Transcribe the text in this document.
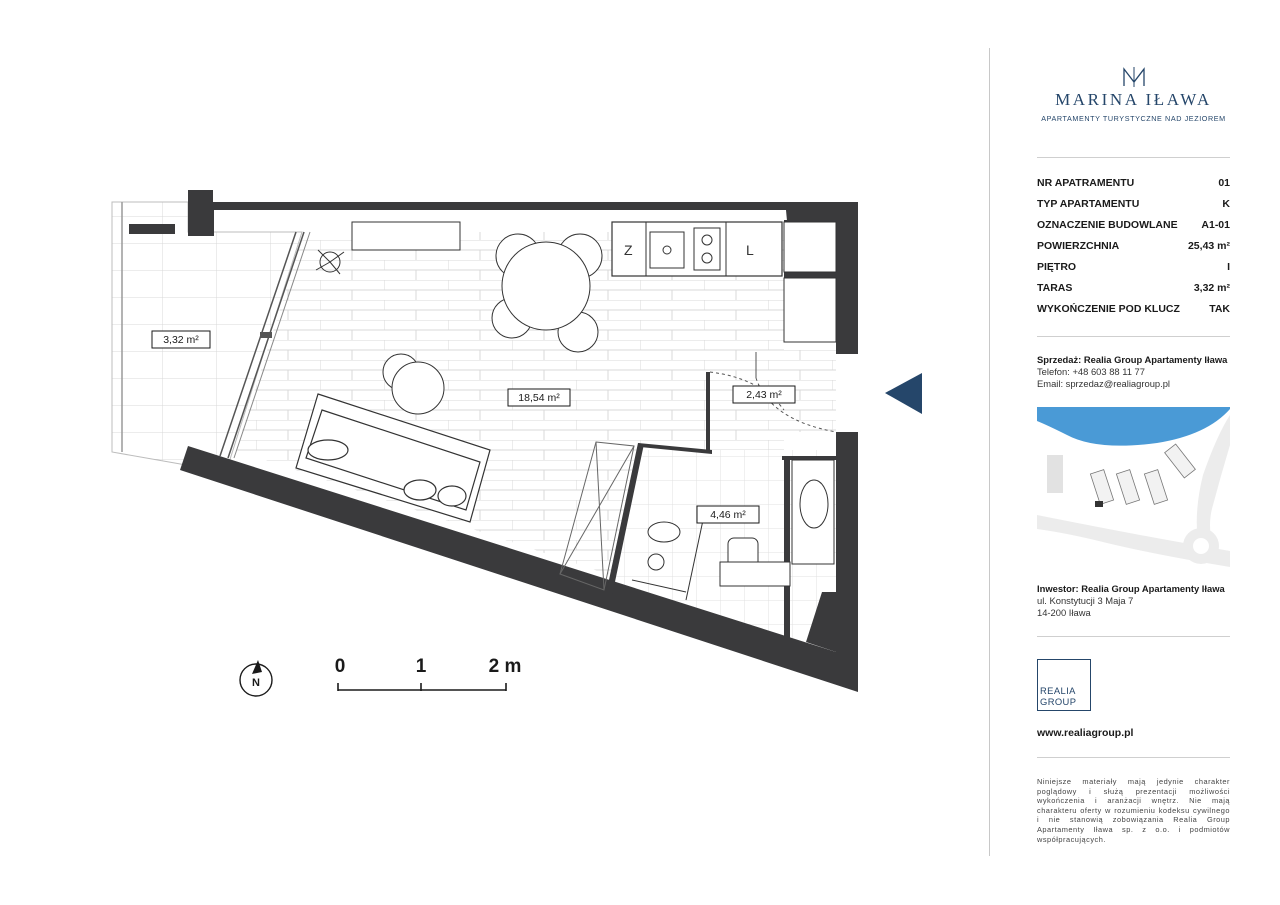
Z	L
3,32 m²
18,54 m²	2,43 m²
4,46 m²
N
0	1	2 m
MARINA IŁAWA
APARTAMENTY TURYSTYCZNE NAD JEZIOREM
NR APATRAMENTU	01
TYP APARTAMENTU	K
OZNACZENIE BUDOWLANE A1-01
POWIERZCHNIA	25,43 m²
PIĘTRO	I
TARAS	3,32 m²
WYKOŃCZENIE POD KLUCZ	TAK
Sprzedaż: Realia Group Apartamenty Iława
Telefon: +48 603 88 11 77
Email: sprzedaz@realiagroup.pl
Inwestor: Realia Group Apartamenty Iława
ul. Konstytucji 3 Maja 7
14-200 Iława
REALIA
GROUP
www.realiagroup.pl
Niniejsze materiały mają jedynie charakter poglądowy i służą prezentacji możliwości wykończenia i aranżacji wnętrz. Nie mają charakteru oferty w rozumieniu kodeksu cywilnego i nie stanowią zobowiązania Realia Group Apartamenty Iława sp. z o.o. i podmiotów współpracujących.
